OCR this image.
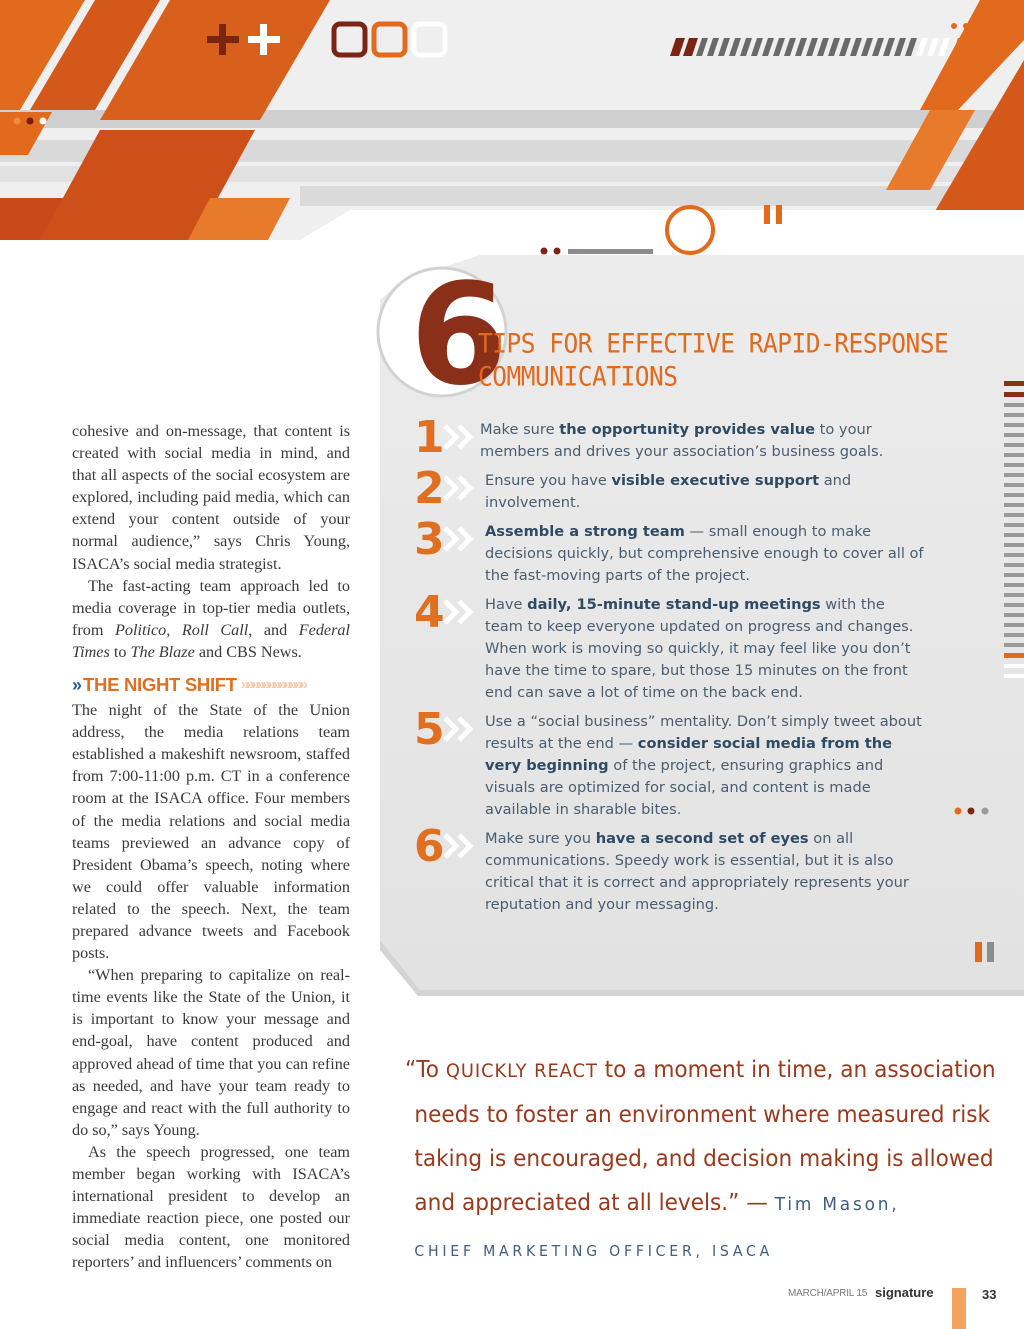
cohesive and on-message, that content is created with social media in mind, and that all aspects of the social ecosystem are explored, including paid media, which can extend your content outside of your normal audience,” says Chris Young, ISACA’s social media strategist.

The fast-acting team approach led to media coverage in top-tier media outlets, from Politico, Roll Call, and Federal Times to The Blaze and CBS News.

» THE NIGHT SHIFT »»»»»»»»»»»»

The night of the State of the Union address, the media relations team established a makeshift newsroom, staffed from 7:00-11:00 p.m. CT in a conference room at the ISACA office. Four members of the media relations and social media teams previewed an advance copy of President Obama’s speech, noting where we could offer valuable information related to the speech. Next, the team prepared advance tweets and Facebook posts.

“When preparing to capitalize on real-time events like the State of the Union, it is important to know your message and end-goal, have content produced and approved ahead of time that you can refine as needed, and have your team ready to engage and react with the full authority to do so,” says Young.

As the speech progressed, one team member began working with ISACA’s international president to develop an immediate reaction piece, one posted our social media content, one monitored reporters’ and influencers’ comments on

6
TIPS FOR EFFECTIVE RAPID-RESPONSE COMMUNICATIONS
1 Make sure the opportunity provides value to your members and drives your association’s business goals.
2	Ensure you have visible executive support and involvement.
3	Assemble a strong team — small enough to make decisions quickly, but comprehensive enough to cover all of the fast-moving parts of the project.
4	Have daily, 15-minute stand-up meetings with the team to keep everyone updated on progress and changes. When work is moving so quickly, it may feel like you don’t have the time to spare, but those 15 minutes on the front end can save a lot of time on the back end.
5	Use a “social business” mentality. Don’t simply tweet about results at the end — consider social media from the very beginning of the project, ensuring graphics and visuals are optimized for social, and content is made available in sharable bites.
6	Make sure you have a second set of eyes on all communications. Speedy work is essential, but it is also critical that it is correct and appropriately represents your reputation and your messaging.
“To QUICKLY REACT to a moment in time, an association
needs to foster an environment where measured risk
taking is encouraged, and decision making is allowed
and appreciated at all levels.” — Tim Mason,
CHIEF MARKETING OFFICER, ISACA
MARCH/APRIL 15 signature	33
